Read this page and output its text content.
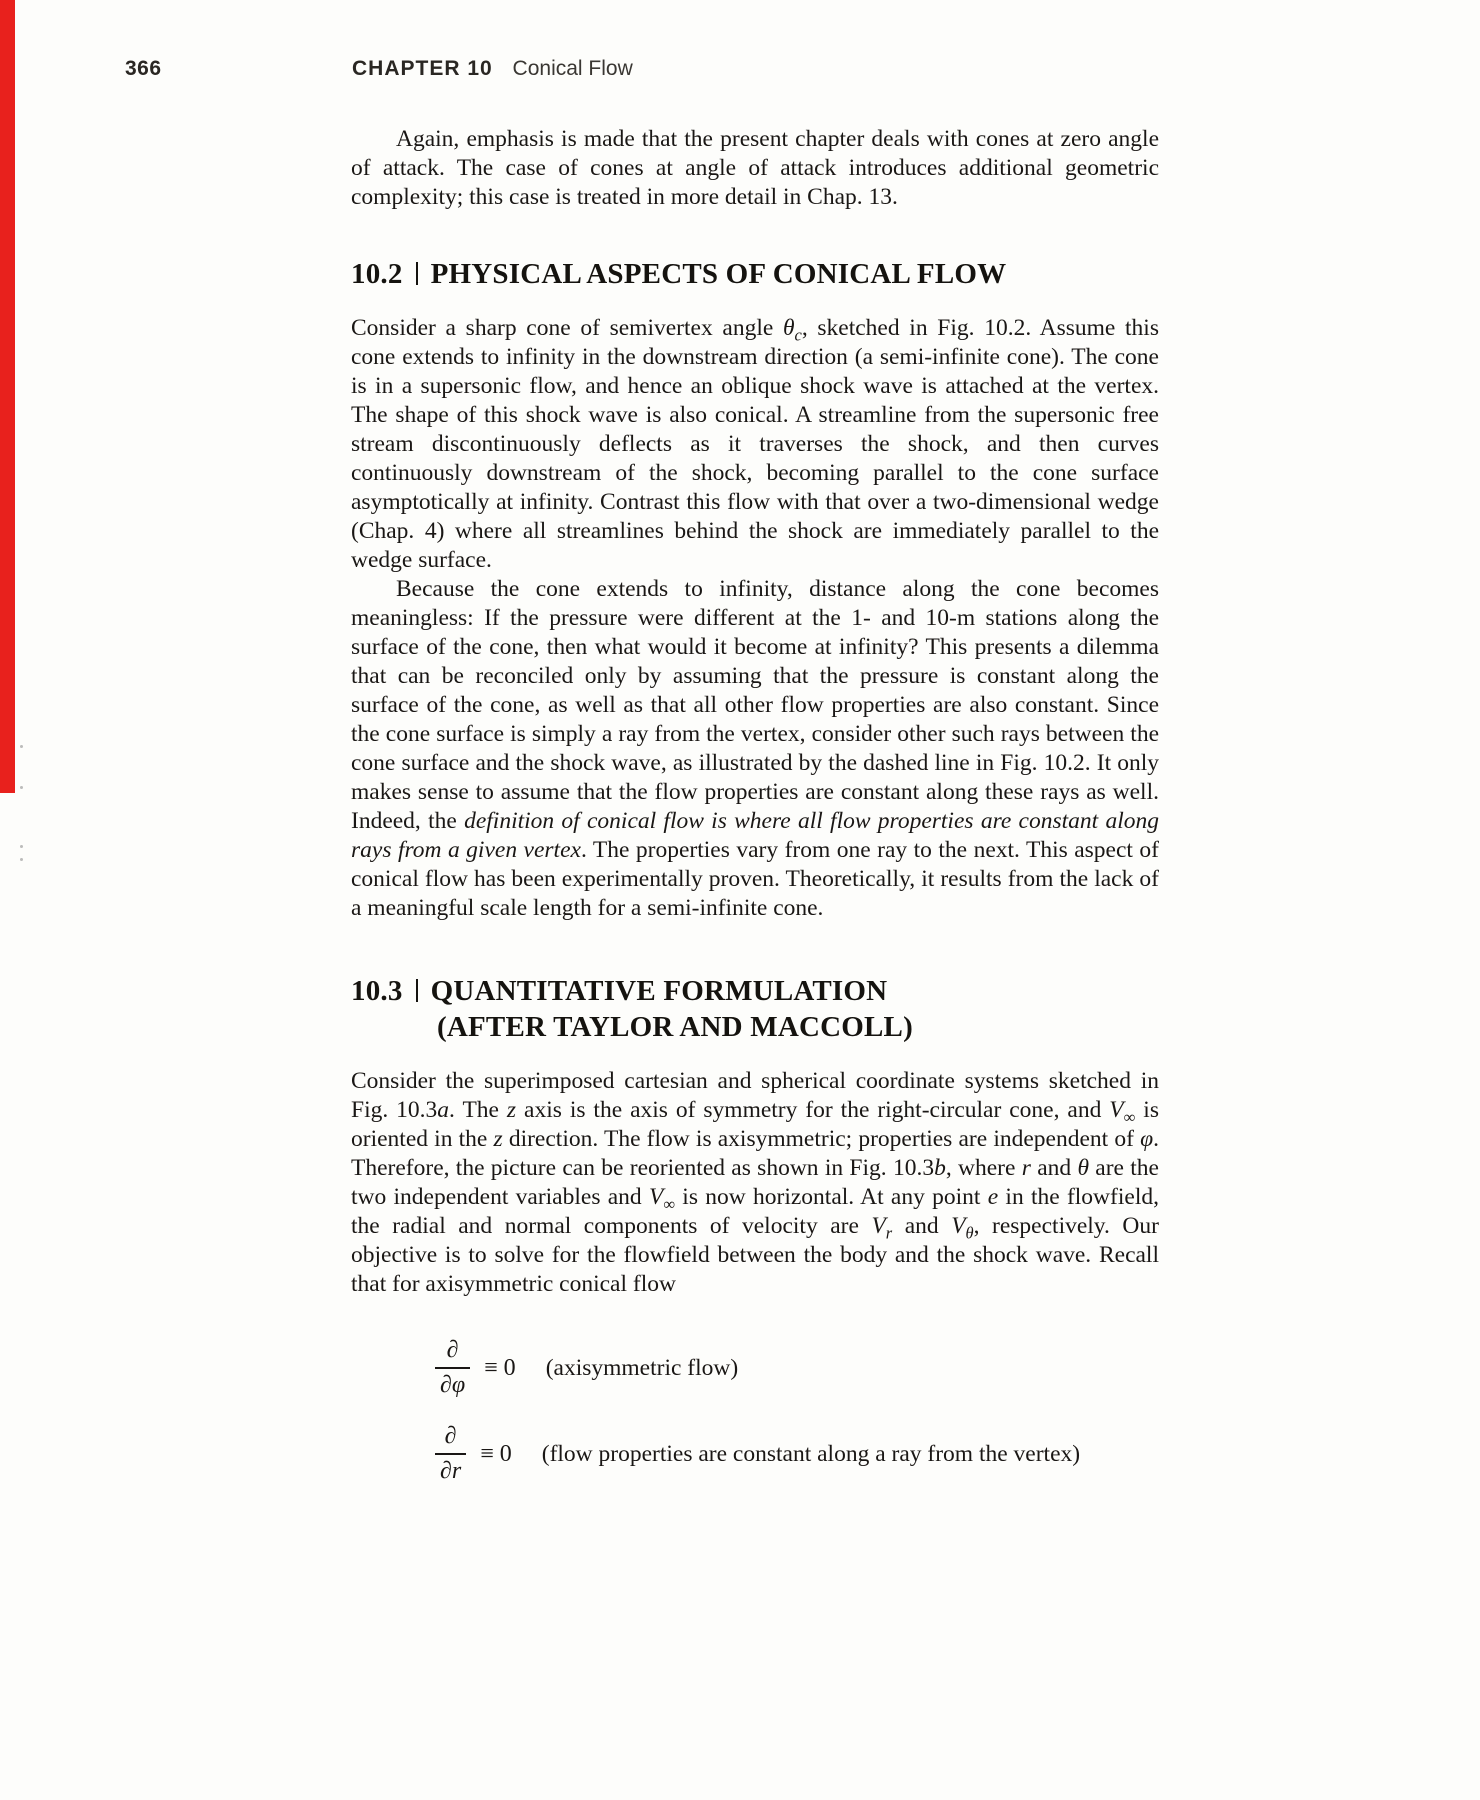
366	CHAPTER 10 Conical Flow

Again, emphasis is made that the present chapter deals with cones at zero angle of attack. The case of cones at angle of attack introduces additional geometric complexity; this case is treated in more detail in Chap. 13.

10.2 PHYSICAL ASPECTS OF CONICAL FLOW

Consider a sharp cone of semivertex angle $\theta_c$, sketched in Fig. 10.2. Assume this cone extends to infinity in the downstream direction (a semi-infinite cone). The cone is in a supersonic flow, and hence an oblique shock wave is attached at the vertex. The shape of this shock wave is also conical. A streamline from the supersonic free stream discontinuously deflects as it traverses the shock, and then curves continuously downstream of the shock, becoming parallel to the cone surface asymptotically at infinity. Contrast this flow with that over a two-dimensional wedge (Chap. 4) where all streamlines behind the shock are immediately parallel to the wedge surface.

Because the cone extends to infinity, distance along the cone becomes meaningless: If the pressure were different at the 1- and 10-m stations along the surface of the cone, then what would it become at infinity? This presents a dilemma that can be reconciled only by assuming that the pressure is constant along the surface of the cone, as well as that all other flow properties are also constant. Since the cone surface is simply a ray from the vertex, consider other such rays between the cone surface and the shock wave, as illustrated by the dashed line in Fig. 10.2. It only makes sense to assume that the flow properties are constant along these rays as well. Indeed, the definition of conical flow is where all flow properties are constant along rays from a given vertex. The properties vary from one ray to the next. This aspect of conical flow has been experimentally proven. Theoretically, it results from the lack of a meaningful scale length for a semi-infinite cone.

10.3 QUANTITATIVE FORMULATION
(AFTER TAYLOR AND MACCOLL)

Consider the superimposed cartesian and spherical coordinate systems sketched in Fig. 10.3a. The z axis is the axis of symmetry for the right-circular cone, and $V_\infty$ is oriented in the z direction. The flow is axisymmetric; properties are independent of φ. Therefore, the picture can be reoriented as shown in Fig. 10.3b, where r and θ are the two independent variables and $V_\infty$ is now horizontal. At any point e in the flowfield, the radial and normal components of velocity are $V_r$ and $V_\theta$, respectively. Our objective is to solve for the flowfield between the body and the shock wave. Recall that for axisymmetric conical flow

$\frac{\partial}{\partial\varphi} \equiv 0$ (axisymmetric flow)
$\frac{\partial}{\partial r} \equiv 0$ (flow properties are constant along a ray from the vertex)
